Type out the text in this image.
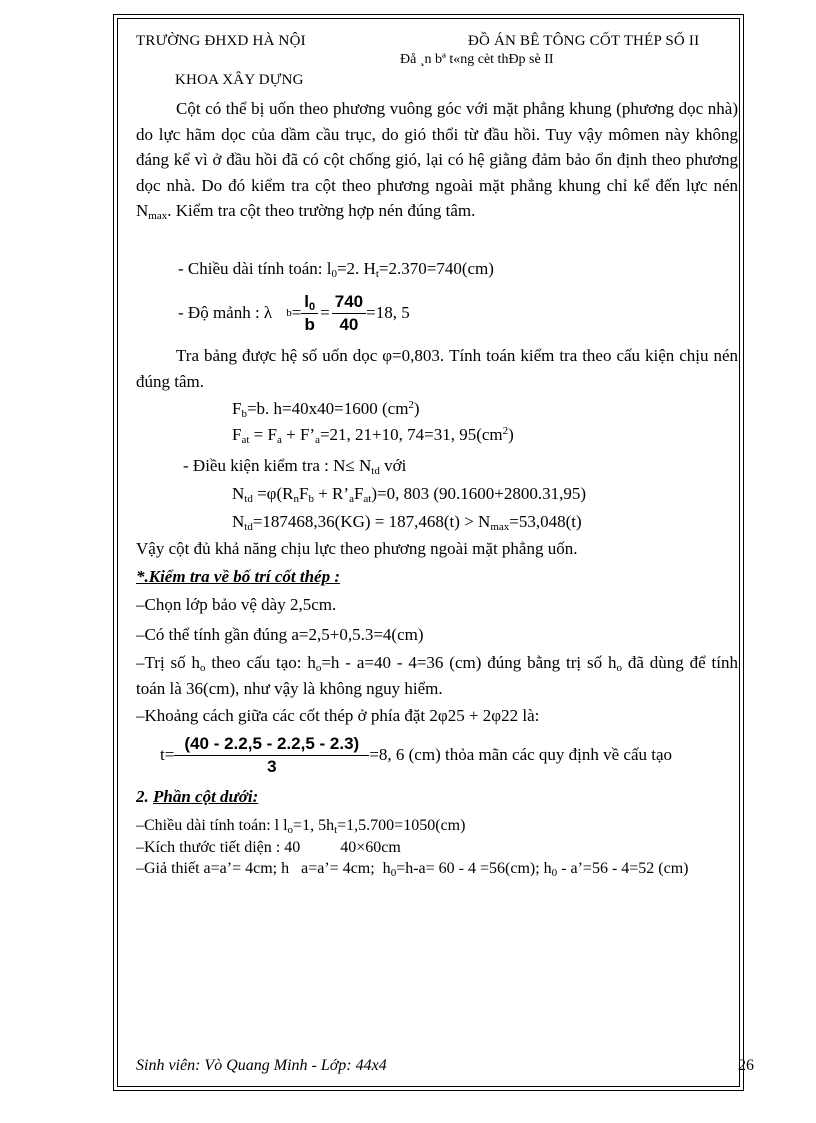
TRƯỜNG ĐHXD HÀ NỘI	ĐỒ ÁN BÊ TÔNG CỐT THÉP SỐ II
Đå ¸n bª t«ng cèt thÐp sè II
KHOA XÂY DỰNG
Cột có thể bị uốn theo phương vuông góc với mặt phẳng khung (phương dọc nhà) do lực hãm dọc của dầm cầu trục, do gió thổi từ đầu hồi. Tuy vậy mômen này không đáng kể vì ở đầu hồi đã có cột chống gió, lại có hệ giằng đảm bảo ổn định theo phương dọc nhà. Do đó kiểm tra cột theo phương ngoài mặt phẳng khung chỉ kể đến lực nén $N_{max}$. Kiểm tra cột theo trường hợp nén đúng tâm.
- Chiều dài tính toán: $l_0=2$. $H_t=2.370=740(cm)$
- Độ mảnh : λ $b = \frac{l_0}{b} = \frac{740}{40} =18$, 5
Tra bảng được hệ số uốn dọc φ=0,803. Tính toán kiểm tra theo cấu kiện chịu nén đúng tâm.
$F_b=b$. h=40x40=1600 $(cm^2)$
$F_{at} = F_a$ + $F’_a=21$, 21+10, 74=31, $95(cm^2)$
- Điều kiện kiểm tra : $N\le N_{td}$ với
$N_{td} =\varphi(R_nF_b$ + $R’_aF_{at})=0$, 803 (90.1600+2800.31,95)
$N_{td}=187468,36(KG) = 187,468(t) > N_{max}=53,048(t)$
Vậy cột đủ khả năng chịu lực theo phương ngoài mặt phẳng uốn.
*.Kiểm tra về bố trí cốt thép :
–Chọn lớp bảo vệ dày 2,5cm.
–Có thể tính gần đúng a=2,5+0,5.3=4(cm)
–Trị số $h_o$ theo cấu tạo: $h_o=h - a=40 - 4=36$ (cm) đúng bằng trị số $h_o$ đã dùng để tính toán là 36(cm), như vậy là không nguy hiểm.
–Khoảng cách giữa các cốt thép ở phía đặt 2φ25 + 2φ22 là:
$t= \frac{(40 - 2.2,5 - 2.2,5 - 2.3)}{3} =8$, 6 (cm) thỏa mãn các quy định về cấu tạo
2. Phần cột dưới:
–Chiều dài tính toán: l $l_o=1$, $5h_t=1,5.700=1050(cm)$
–Kích thước tiết diện : 40          40×60cm
–Giả thiết a=a’= 4cm; h   a=a’= 4cm;  $h_0=h-a= 60 - 4 =56(cm)$; $h_0$ - a’=56 - 4=52 (cm)
Sinh viên: Vò Quang Minh - Lớp: 44x4	26
